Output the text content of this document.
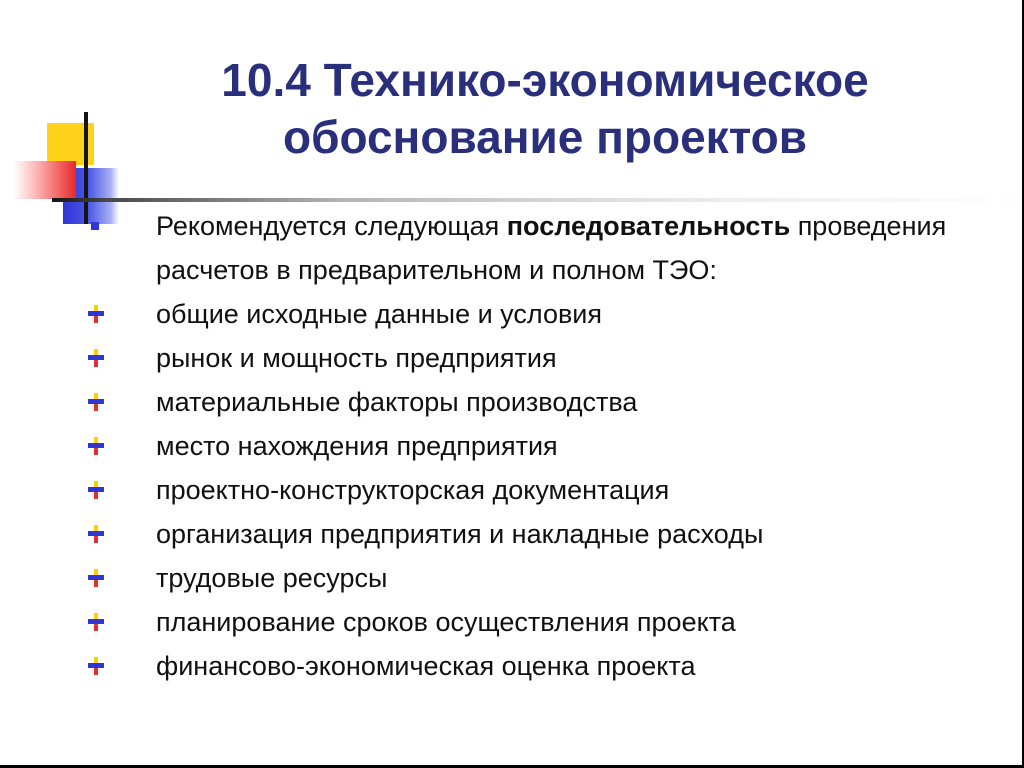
10.4 Технико-экономическое
обоснование проектов
Рекомендуется следующая последовательность проведения расчетов в предварительном и полном ТЭО:
общие исходные данные и условия
рынок и мощность предприятия
материальные факторы производства
место нахождения предприятия
проектно-конструкторская документация
организация предприятия и накладные расходы
трудовые ресурсы
планирование сроков осуществления проекта
финансово-экономическая оценка проекта
